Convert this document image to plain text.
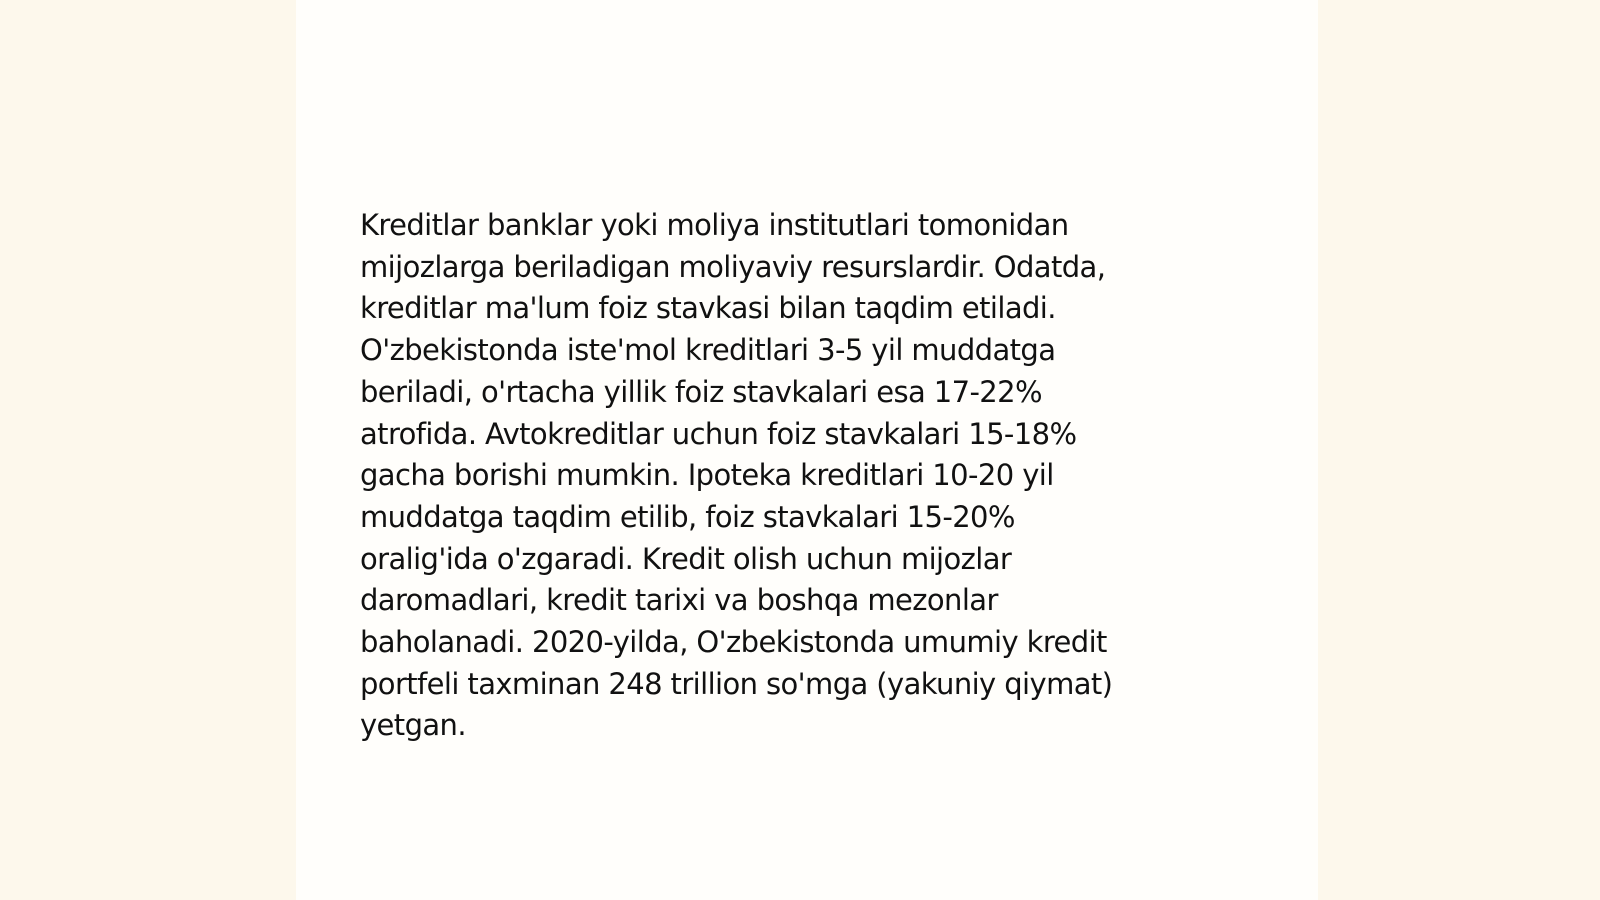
Kreditlar banklar yoki moliya institutlari tomonidan
mijozlarga beriladigan moliyaviy resurslardir. Odatda,
kreditlar ma'lum foiz stavkasi bilan taqdim etiladi.
O'zbekistonda iste'mol kreditlari 3-5 yil muddatga
beriladi, o'rtacha yillik foiz stavkalari esa 17-22%
atrofida. Avtokreditlar uchun foiz stavkalari 15-18%
gacha borishi mumkin. Ipoteka kreditlari 10-20 yil
muddatga taqdim etilib, foiz stavkalari 15-20%
oralig'ida o'zgaradi. Kredit olish uchun mijozlar
daromadlari, kredit tarixi va boshqa mezonlar
baholanadi. 2020-yilda, O'zbekistonda umumiy kredit
portfeli taxminan 248 trillion so'mga (yakuniy qiymat)
yetgan.
